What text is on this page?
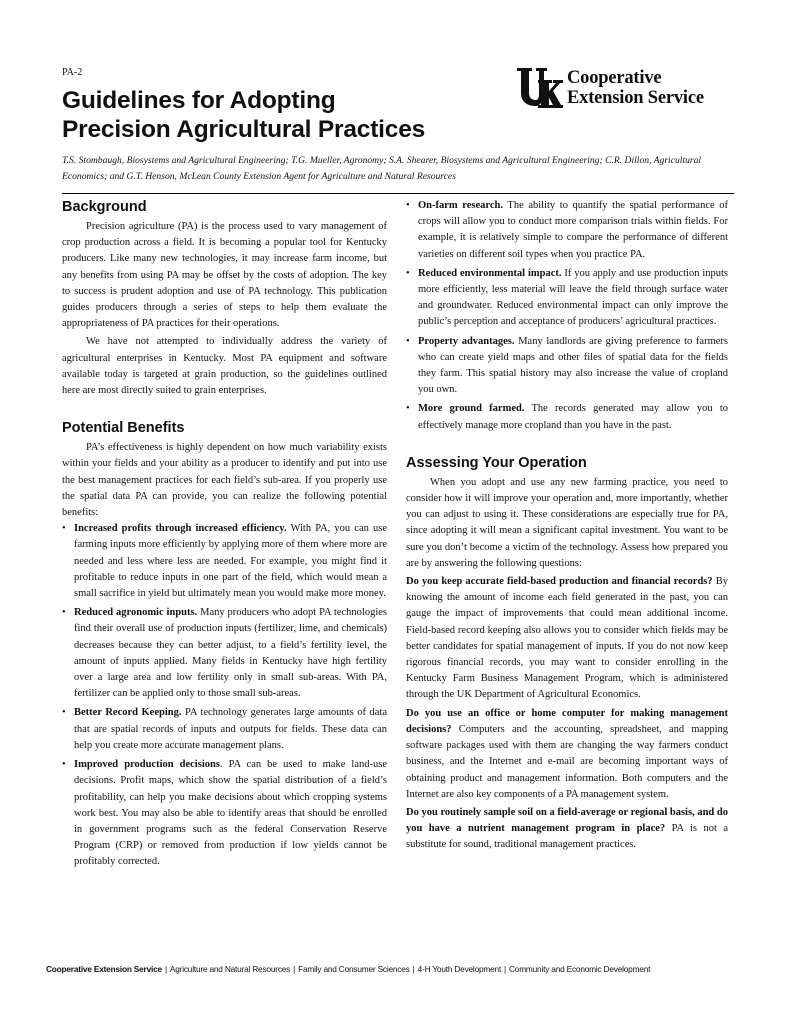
PA-2
Guidelines for Adopting
Precision Agricultural Practices
Cooperative
Extension Service
T.S. Stombaugh, Biosystems and Agricultural Engineering; T.G. Mueller, Agronomy; S.A. Shearer, Biosystems and Agricultural Engineering; C.R. Dillon, Agricultural Economics; and G.T. Henson, McLean County Extension Agent for Agriculture and Natural Resources
Background

Precision agriculture (PA) is the process used to vary management of crop production across a field. It is becoming a popular tool for Kentucky producers. Like many new technologies, it may increase farm income, but any benefits from using PA may be offset by the costs of adoption. The key to success is prudent adoption and use of PA technology. This publication guides producers through a series of steps to help them evaluate the appropriateness of PA practices for their operations.

We have not attempted to individually address the variety of agricultural enterprises in Kentucky. Most PA equipment and software available today is targeted at grain production, so the guidelines outlined here are most directly suited to grain enterprises.

Potential Benefits

PA’s effectiveness is highly dependent on how much variability exists within your fields and your ability as a producer to identify and put into use the best management practices for each field’s sub-area. If you properly use the spatial data PA can provide, you can realize the following potential benefits:

• Increased profits through increased efficiency. With PA, you can use farming inputs more efficiently by applying more of them where more are needed and less where less are needed. For example, you might find it profitable to reduce inputs in one part of the field, which would mean a small sacrifice in yield but ultimately mean you would make more money.
• Reduced agronomic inputs. Many producers who adopt PA technologies find their overall use of production inputs (fertilizer, lime, and chemicals) decreases because they can better adjust, to a field’s fertility level, the amount of inputs applied. Many fields in Kentucky have high fertility over a large area and low fertility only in small sub-areas. With PA, fertilizer can be applied only to those small sub-areas.
• Better Record Keeping. PA technology generates large amounts of data that are spatial records of inputs and outputs for fields. These data can help you create more accurate management plans.
• Improved production decisions. PA can be used to make land-use decisions. Profit maps, which show the spatial distribution of a field’s profitability, can help you make decisions about which cropping systems work best. You may also be able to identify areas that should be enrolled in government programs such as the federal Conservation Reserve Program (CRP) or removed from production if low yields cannot be profitably corrected.
• On-farm research. The ability to quantify the spatial performance of crops will allow you to conduct more comparison trials within fields. For example, it is relatively simple to compare the performance of different varieties on different soil types when you practice PA.
• Reduced environmental impact. If you apply and use production inputs more efficiently, less material will leave the field through surface water and groundwater. Reduced environmental impact can only improve the public’s perception and acceptance of producers’ agricultural practices.
• Property advantages. Many landlords are giving preference to farmers who can create yield maps and other files of spatial data for the fields they farm. This spatial history may also increase the value of cropland you own.
• More ground farmed. The records generated may allow you to effectively manage more cropland than you have in the past.
Assessing Your Operation

When you adopt and use any new farming practice, you need to consider how it will improve your operation and, more importantly, whether you can adjust to using it. These considerations are especially true for PA, since adopting it will mean a significant capital investment. You want to be sure you don’t become a victim of the technology. Assess how prepared you are by answering the following questions:

Do you keep accurate field-based production and financial records? By knowing the amount of income each field generated in the past, you can gauge the impact of improvements that could mean additional income. Field-based record keeping also allows you to consider which fields may be better candidates for spatial management of inputs. If you do not now keep rigorous financial records, you may want to consider enrolling in the Kentucky Farm Business Management Program, which is administered through the UK Department of Agricultural Economics.

Do you use an office or home computer for making management decisions? Computers and the accounting, spreadsheet, and mapping software packages used with them are changing the way farmers conduct business, and the Internet and e-mail are becoming important ways of obtaining product and management information. Both computers and the Internet are also key components of a PA management system.

Do you routinely sample soil on a field-average or regional basis, and do you have a nutrient management program in place? PA is not a substitute for sound, traditional management practices.

Cooperative Extension Service | Agriculture and Natural Resources | Family and Consumer Sciences | 4-H Youth Development | Community and Economic Development
